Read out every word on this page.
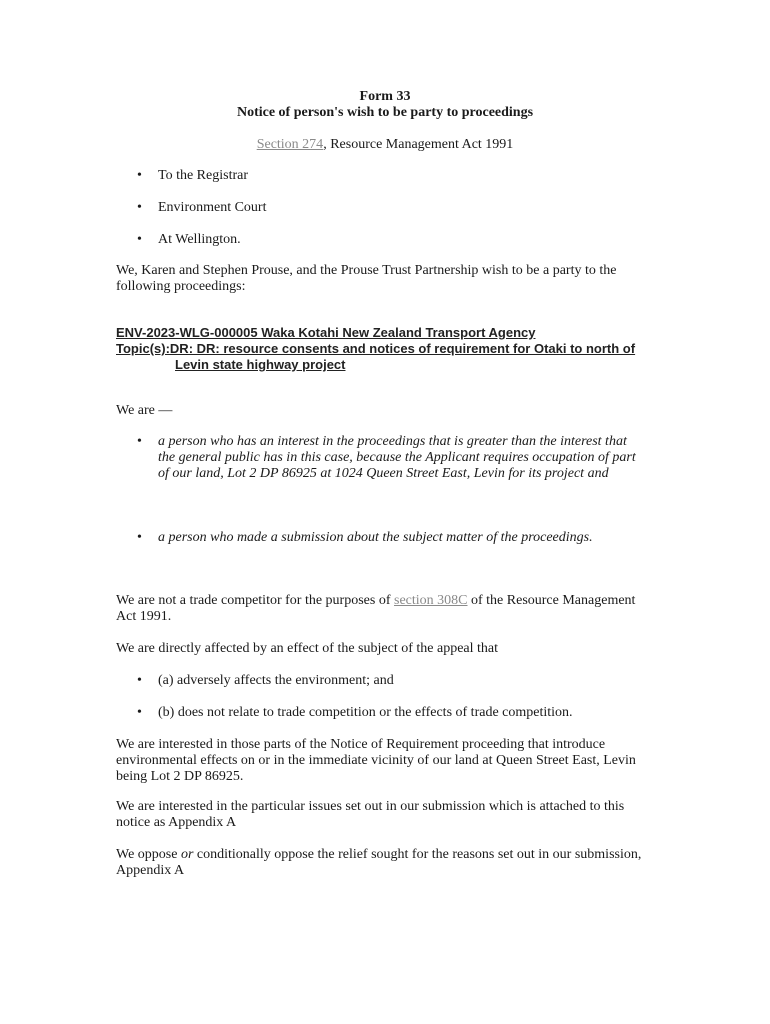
Form 33
Notice of person's wish to be party to proceedings
Section 274, Resource Management Act 1991
• To the Registrar
• Environment Court
• At Wellington.
We, Karen and Stephen Prouse, and the Prouse Trust Partnership wish to be a party to the
following proceedings:
ENV-2023-WLG-000005 Waka Kotahi New Zealand Transport Agency
Topic(s):DR: DR: resource consents and notices of requirement for Otaki to north of
Levin state highway project
We are —
• a person who has an interest in the proceedings that is greater than the interest that
the general public has in this case, because the Applicant requires occupation of part
of our land, Lot 2 DP 86925 at 1024 Queen Street East, Levin for its project and
• a person who made a submission about the subject matter of the proceedings.
We are not a trade competitor for the purposes of section 308C of the Resource Management
Act 1991.
We are directly affected by an effect of the subject of the appeal that
• (a) adversely affects the environment; and
• (b) does not relate to trade competition or the effects of trade competition.
We are interested in those parts of the Notice of Requirement proceeding that introduce
environmental effects on or in the immediate vicinity of our land at Queen Street East, Levin
being Lot 2 DP 86925.
We are interested in the particular issues set out in our submission which is attached to this
notice as Appendix A
We oppose or conditionally oppose the relief sought for the reasons set out in our submission,
Appendix A
